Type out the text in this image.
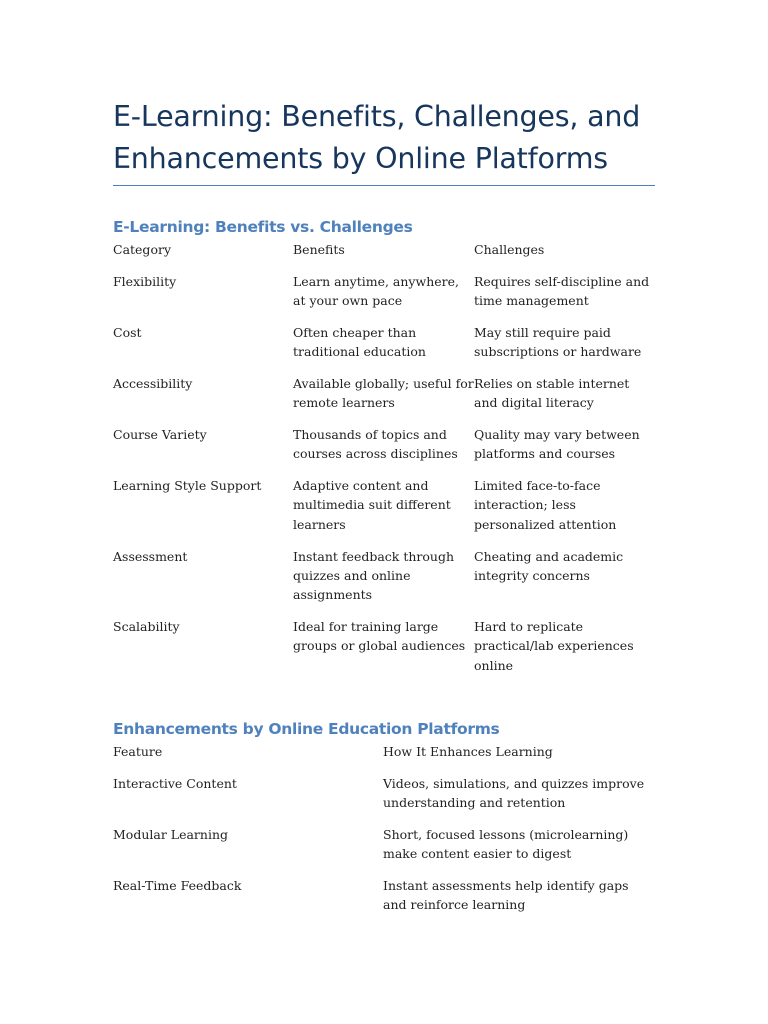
E-Learning: Benefits, Challenges, and
Enhancements by Online Platforms
E-Learning: Benefits vs. Challenges
Category	Benefits	Challenges
Flexibility	Learn anytime, anywhere, at your own pace	Requires self-discipline and time management
Cost	Often cheaper than traditional education	May still require paid subscriptions or hardware
Accessibility	Available globally; useful for remote learners	Relies on stable internet and digital literacy
Course Variety	Thousands of topics and courses across disciplines	Quality may vary between platforms and courses
Learning Style Support	Adaptive content and multimedia suit different learners	Limited face-to-face interaction; less personalized attention
Assessment	Instant feedback through quizzes and online assignments	Cheating and academic integrity concerns
Scalability	Ideal for training large groups or global audiences	Hard to replicate practical/lab experiences online
Enhancements by Online Education Platforms
Feature	How It Enhances Learning
Interactive Content	Videos, simulations, and quizzes improve understanding and retention
Modular Learning	Short, focused lessons (microlearning) make content easier to digest
Real-Time Feedback	Instant assessments help identify gaps and reinforce learning
